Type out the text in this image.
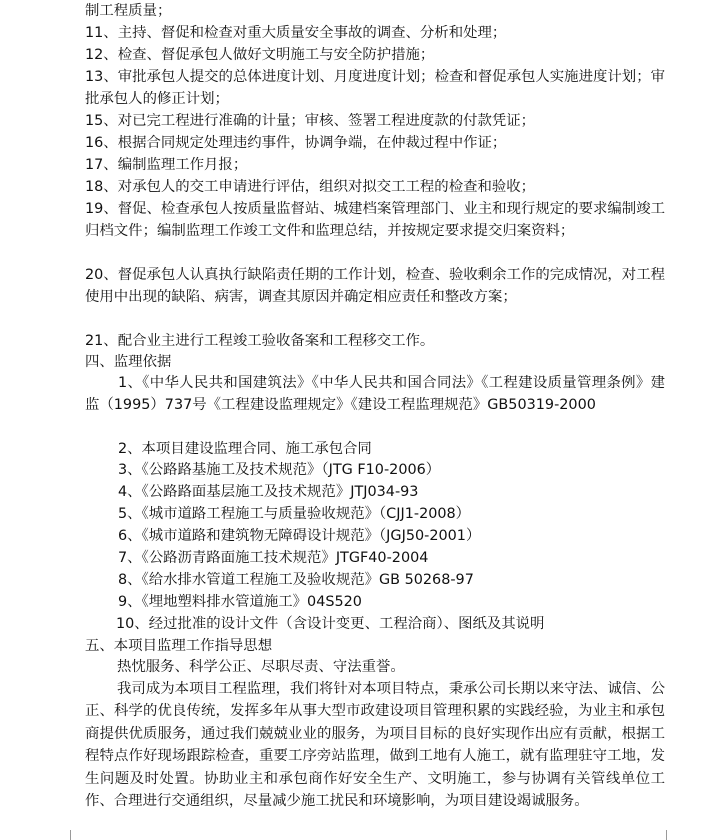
制工程质量；
11、主持、督促和检查对重大质量安全事故的调查、分析和处理；
12、检查、督促承包人做好文明施工与安全防护措施；
13、审批承包人提交的总体进度计划、月度进度计划；检查和督促承包人实施进度计划；审批承包人的修正计划；
15、对已完工程进行准确的计量；审核、签署工程进度款的付款凭证；
16、根据合同规定处理违约事件，协调争端，在仲裁过程中作证；
17、编制监理工作月报；
18、对承包人的交工申请进行评估，组织对拟交工工程的检查和验收；
19、督促、检查承包人按质量监督站、城建档案管理部门、业主和现行规定的要求编制竣工归档文件；编制监理工作竣工文件和监理总结，并按规定要求提交归案资料；
20、督促承包人认真执行缺陷责任期的工作计划，检查、验收剩余工作的完成情况，对工程使用中出现的缺陷、病害，调查其原因并确定相应责任和整改方案；
21、配合业主进行工程竣工验收备案和工程移交工作。
四、监理依据
1、《中华人民共和国建筑法》《中华人民共和国合同法》《工程建设质量管理条例》建监（1995）737号《工程建设监理规定》《建设工程监理规范》GB50319-2000
2、本项目建设监理合同、施工承包合同
3、《公路路基施工及技术规范》（JTG F10-2006）
4、《公路路面基层施工及技术规范》JTJ034-93
5、《城市道路工程施工与质量验收规范》（CJJ1-2008）
6、《城市道路和建筑物无障碍设计规范》（JGJ50-2001）
7、《公路沥青路面施工技术规范》JTGF40-2004
8、《给水排水管道工程施工及验收规范》GB 50268-97
9、《埋地塑料排水管道施工》04S520
10、经过批准的设计文件（含设计变更、工程洽商）、图纸及其说明
五、本项目监理工作指导思想
热忱服务、科学公正、尽职尽责、守法重誉。
我司成为本项目工程监理，我们将针对本项目特点，秉承公司长期以来守法、诚信、公正、科学的优良传统，发挥多年从事大型市政建设项目管理积累的实践经验，为业主和承包商提供优质服务，通过我们兢兢业业的服务，为项目目标的良好实现作出应有贡献，根据工程特点作好现场跟踪检查，重要工序旁站监理，做到工地有人施工，就有监理驻守工地，发生问题及时处置。协助业主和承包商作好安全生产、文明施工，参与协调有关管线单位工作、合理进行交通组织，尽量减少施工扰民和环境影响，为项目建设竭诚服务。
